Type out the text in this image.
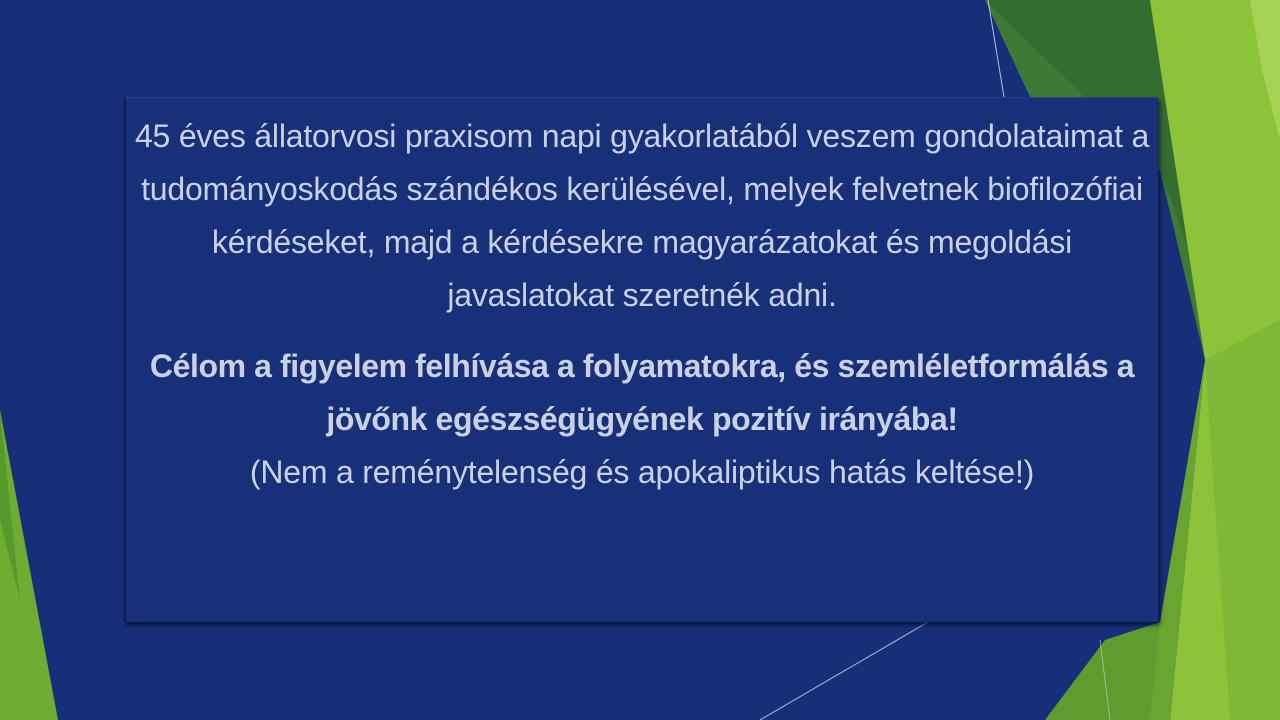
45 éves állatorvosi praxisom napi gyakorlatából veszem gondolataimat a tudományoskodás szándékos kerülésével, melyek felvetnek biofilozófiai kérdéseket, majd a kérdésekre magyarázatokat és megoldási javaslatokat szeretnék adni.

Célom a figyelem felhívása a folyamatokra, és szemléletformálás a jövőnk egészségügyének pozitív irányába!

(Nem a reménytelenség és apokaliptikus hatás keltése!)
